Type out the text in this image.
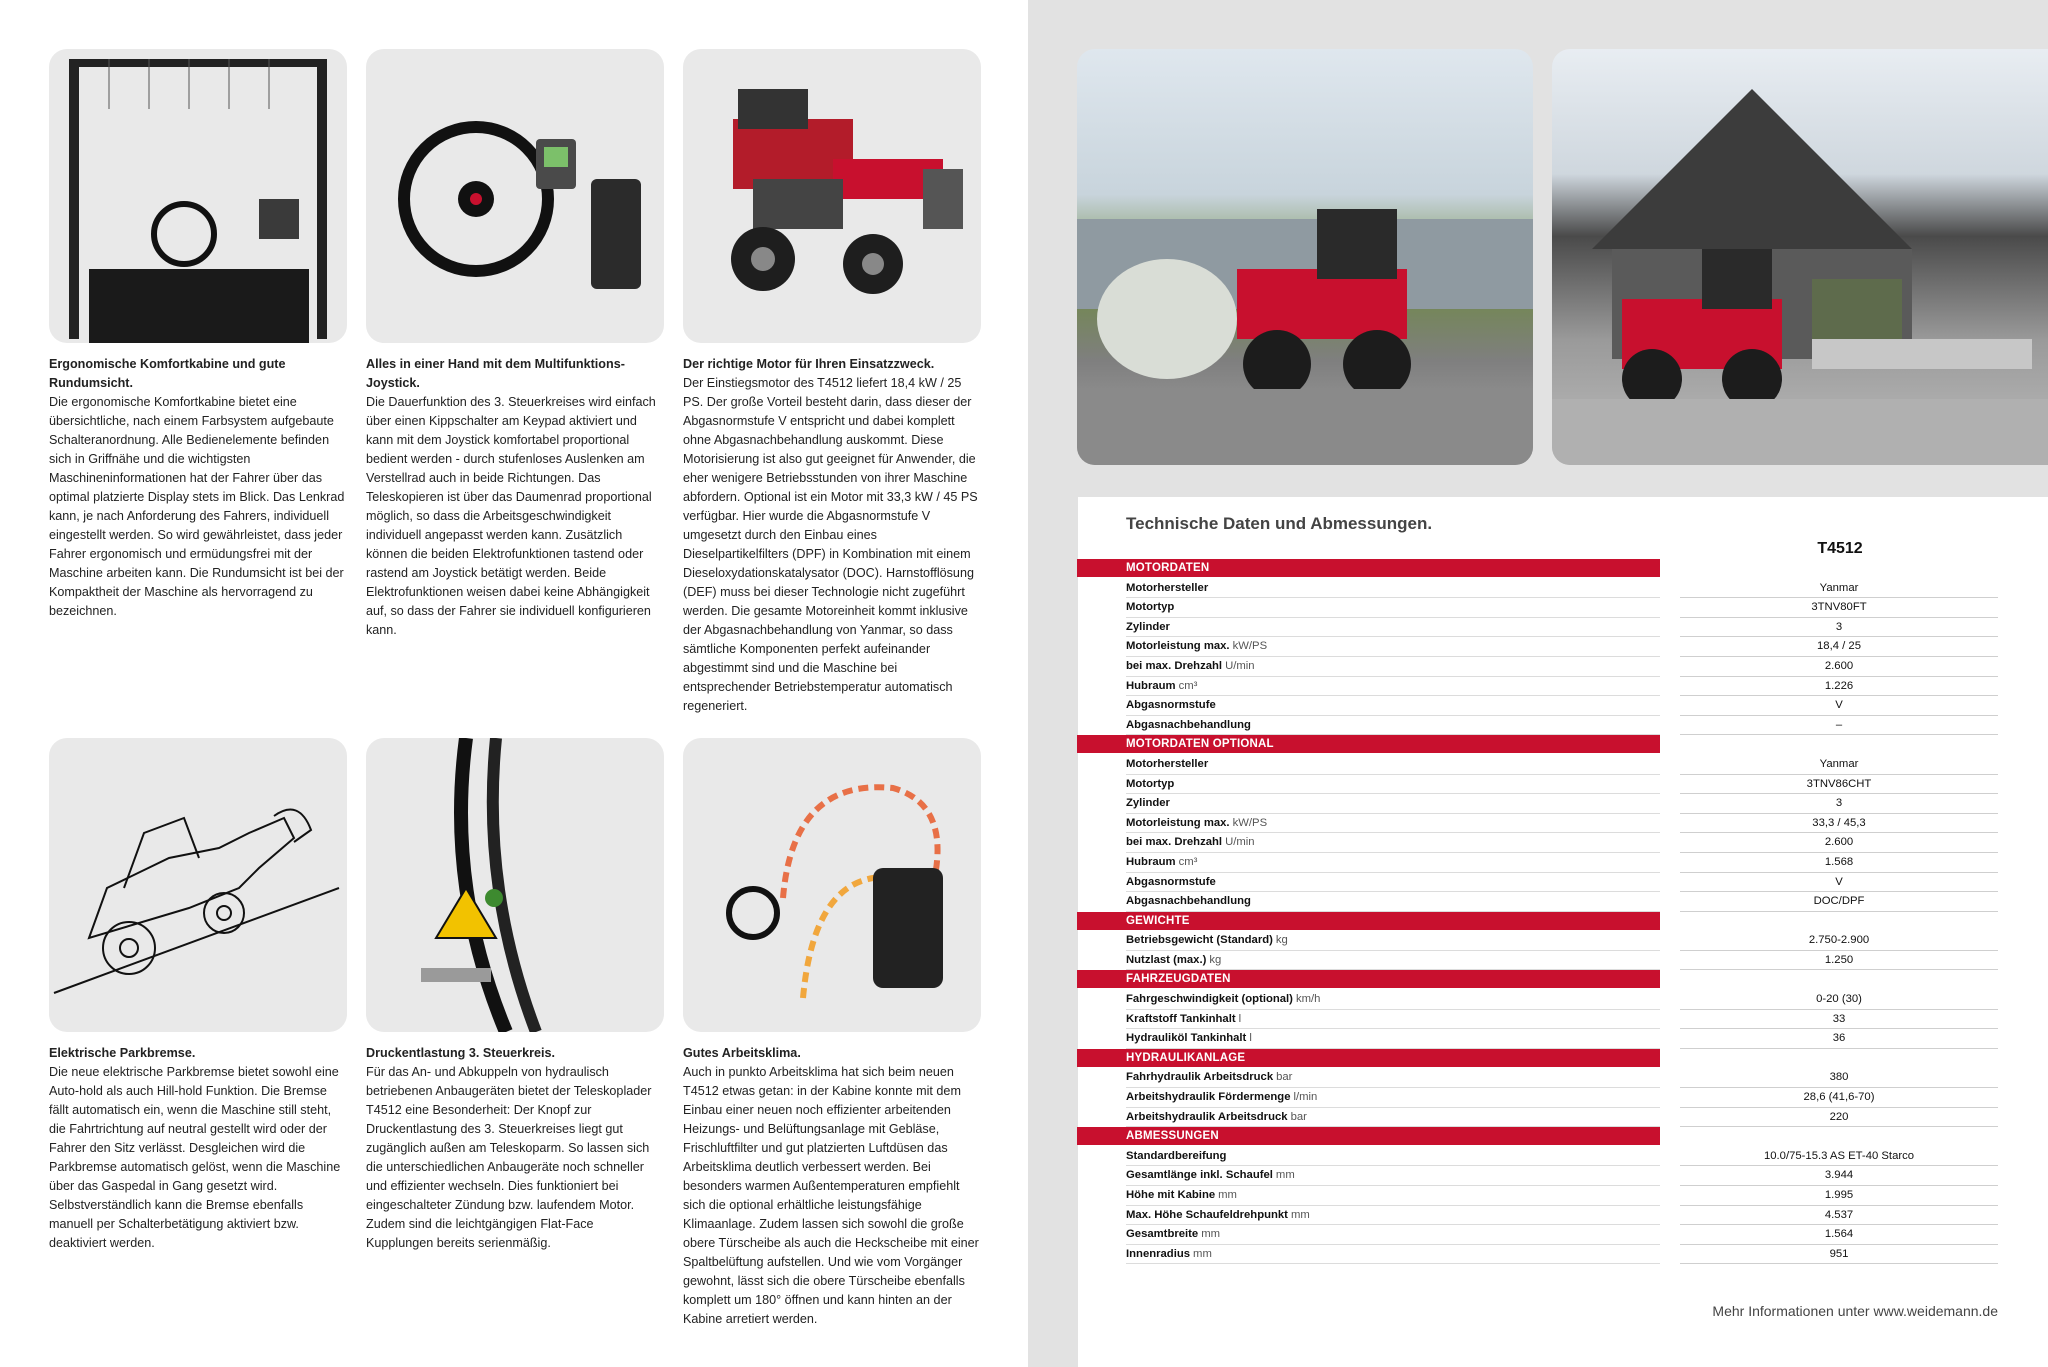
Ergonomische Komfortkabine und gute Rundumsicht.
Die ergonomische Komfortkabine bietet eine übersichtliche, nach einem Farbsystem aufgebaute Schalteranordnung. Alle Bedienelemente befinden sich in Griffnähe und die wichtigsten Maschineninformationen hat der Fahrer über das optimal platzierte Display stets im Blick. Das Lenkrad kann, je nach Anforderung des Fahrers, individuell eingestellt werden. So wird gewährleistet, dass jeder Fahrer ergonomisch und ermüdungsfrei mit der Maschine arbeiten kann. Die Rundumsicht ist bei der Kompaktheit der Maschine als hervorragend zu bezeichnen.
Alles in einer Hand mit dem Multifunktions-Joystick.
Die Dauerfunktion des 3. Steuerkreises wird einfach über einen Kippschalter am Keypad aktiviert und kann mit dem Joystick komfortabel proportional bedient werden - durch stufenloses Auslenken am Verstellrad auch in beide Richtungen. Das Teleskopieren ist über das Daumenrad proportional möglich, so dass die Arbeitsgeschwindigkeit individuell angepasst werden kann. Zusätzlich können die beiden Elektrofunktionen tastend oder rastend am Joystick betätigt werden. Beide Elektrofunktionen weisen dabei keine Abhängigkeit auf, so dass der Fahrer sie individuell konfigurieren kann.
Der richtige Motor für Ihren Einsatzzweck.
Der Einstiegsmotor des T4512 liefert 18,4 kW / 25 PS. Der große Vorteil besteht darin, dass dieser der Abgasnormstufe V entspricht und dabei komplett ohne Abgasnachbehandlung auskommt. Diese Motorisierung ist also gut geeignet für Anwender, die eher wenigere Betriebsstunden von ihrer Maschine abfordern. Optional ist ein Motor mit 33,3 kW / 45 PS verfügbar. Hier wurde die Abgasnormstufe V umgesetzt durch den Einbau eines Dieselpartikelfilters (DPF) in Kombination mit einem Dieseloxydationskatalysator (DOC). Harnstofflösung (DEF) muss bei dieser Technologie nicht zugeführt werden. Die gesamte Motoreinheit kommt inklusive der Abgasnachbehandlung von Yanmar, so dass sämtliche Komponenten perfekt aufeinander abgestimmt sind und die Maschine bei entsprechender Betriebstemperatur automatisch regeneriert.
Elektrische Parkbremse.
Die neue elektrische Parkbremse bietet sowohl eine Auto-hold als auch Hill-hold Funktion. Die Bremse fällt automatisch ein, wenn die Maschine still steht, die Fahrtrichtung auf neutral gestellt wird oder der Fahrer den Sitz verlässt. Desgleichen wird die Parkbremse automatisch gelöst, wenn die Maschine über das Gaspedal in Gang gesetzt wird. Selbstverständlich kann die Bremse ebenfalls manuell per Schalterbetätigung aktiviert bzw. deaktiviert werden.
Druckentlastung 3. Steuerkreis.
Für das An- und Abkuppeln von hydraulisch betriebenen Anbaugeräten bietet der Teleskoplader T4512 eine Besonderheit: Der Knopf zur Druckentlastung des 3. Steuerkreises liegt gut zugänglich außen am Teleskoparm. So lassen sich die unterschiedlichen Anbaugeräte noch schneller und effizienter wechseln. Dies funktioniert bei eingeschalteter Zündung bzw. laufendem Motor. Zudem sind die leichtgängigen Flat-Face Kupplungen bereits serienmäßig.
Gutes Arbeitsklima.
Auch in punkto Arbeitsklima hat sich beim neuen T4512 etwas getan: in der Kabine konnte mit dem Einbau einer neuen noch effizienter arbeitenden Heizungs- und Belüftungsanlage mit Gebläse, Frischluftfilter und gut platzierten Luftdüsen das Arbeitsklima deutlich verbessert werden. Bei besonders warmen Außentemperaturen empfiehlt sich die optional erhältliche leistungsfähige Klimaanlage. Zudem lassen sich sowohl die große obere Türscheibe als auch die Heckscheibe mit einer Spaltbelüftung aufstellen. Und wie vom Vorgänger gewohnt, lässt sich die obere Türscheibe ebenfalls komplett um 180° öffnen und kann hinten an der Kabine arretiert werden.
Technische Daten und Abmessungen.
T4512
MOTORDATEN
Motorhersteller	Yanmar
Motortyp	3TNV80FT
Zylinder	3
Motorleistung max. kW/PS	18,4 / 25
bei max. Drehzahl U/min	2.600
Hubraum cm³	1.226
Abgasnormstufe	V
Abgasnachbehandlung	–
MOTORDATEN OPTIONAL
Motorhersteller	Yanmar
Motortyp	3TNV86CHT
Zylinder	3
Motorleistung max. kW/PS	33,3 / 45,3
bei max. Drehzahl U/min	2.600
Hubraum cm³	1.568
Abgasnormstufe	V
Abgasnachbehandlung	DOC/DPF
GEWICHTE
Betriebsgewicht (Standard) kg	2.750-2.900
Nutzlast (max.) kg	1.250
FAHRZEUGDATEN
Fahrgeschwindigkeit (optional) km/h	0-20 (30)
Kraftstoff Tankinhalt l	33
Hydrauliköl Tankinhalt l	36
HYDRAULIKANLAGE
Fahrhydraulik Arbeitsdruck bar	380
Arbeitshydraulik Fördermenge l/min	28,6 (41,6-70)
Arbeitshydraulik Arbeitsdruck bar	220
ABMESSUNGEN
Standardbereifung	10.0/75-15.3 AS ET-40 Starco
Gesamtlänge inkl. Schaufel mm	3.944
Höhe mit Kabine mm	1.995
Max. Höhe Schaufeldrehpunkt mm	4.537
Gesamtbreite mm	1.564
Innenradius mm	951
Mehr Informationen unter www.weidemann.de
